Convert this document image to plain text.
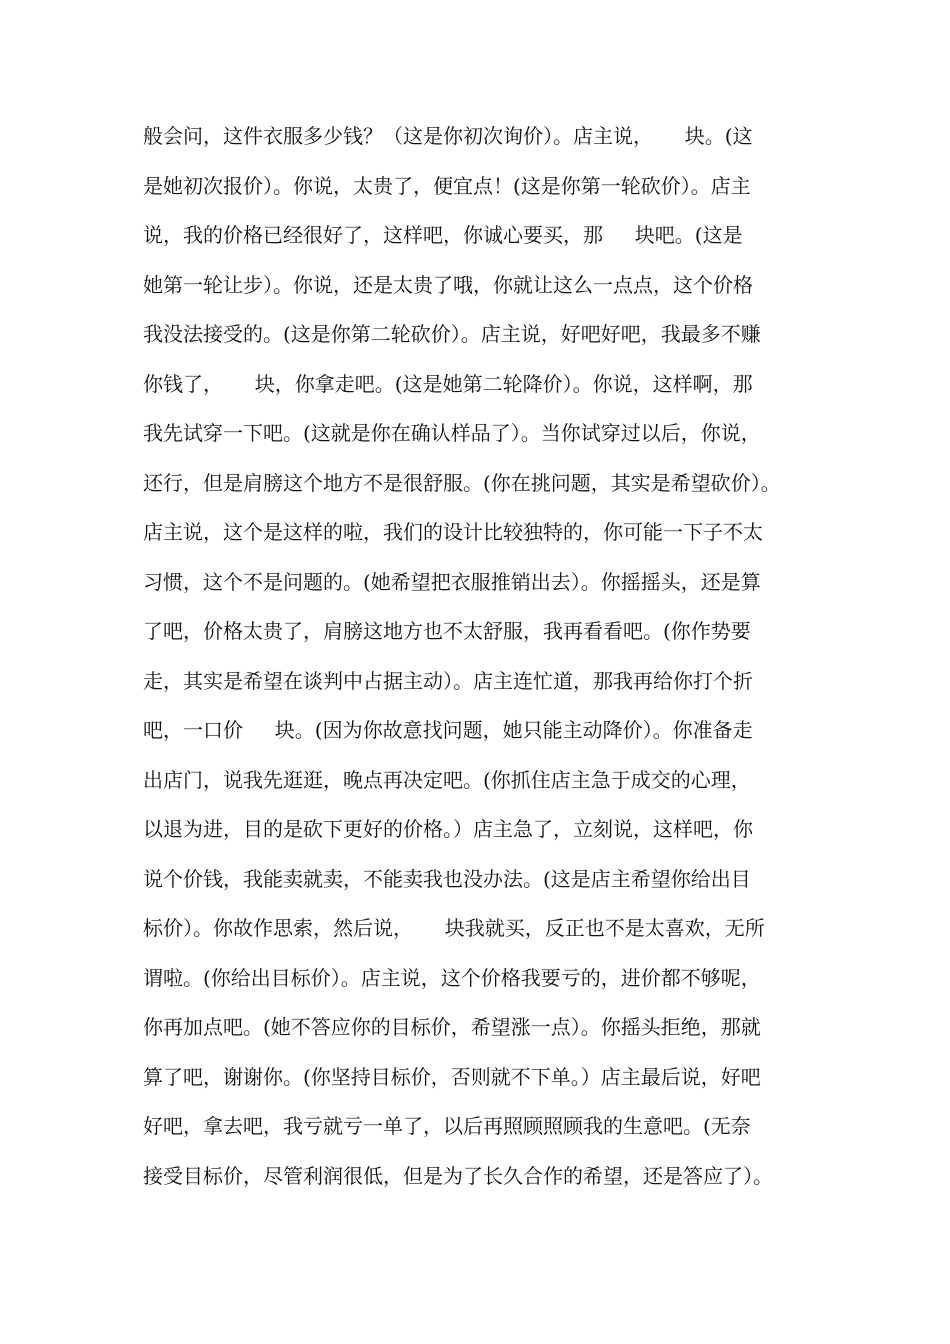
般会问，这件衣服多少钱？（这是你初次询价）。店主说，     块。(这
是她初次报价）。你说，太贵了，便宜点！(这是你第一轮砍价）。店主
说，我的价格已经很好了，这样吧，你诚心要买，那     块吧。(这是
她第一轮让步）。你说，还是太贵了哦，你就让这么一点点，这个价格
我没法接受的。(这是你第二轮砍价）。店主说，好吧好吧，我最多不赚
你钱了，     块，你拿走吧。(这是她第二轮降价）。你说，这样啊，那
我先试穿一下吧。(这就是你在确认样品了）。当你试穿过以后，你说，
还行，但是肩膀这个地方不是很舒服。(你在挑问题，其实是希望砍价）。
店主说，这个是这样的啦，我们的设计比较独特的，你可能一下子不太
习惯，这个不是问题的。(她希望把衣服推销出去）。你摇摇头，还是算
了吧，价格太贵了，肩膀这地方也不太舒服，我再看看吧。(你作势要
走，其实是希望在谈判中占据主动）。店主连忙道，那我再给你打个折
吧，一口价     块。(因为你故意找问题，她只能主动降价）。你准备走
出店门，说我先逛逛，晚点再决定吧。(你抓住店主急于成交的心理，
以退为进，目的是砍下更好的价格。）店主急了，立刻说，这样吧，你
说个价钱，我能卖就卖，不能卖我也没办法。(这是店主希望你给出目
标价）。你故作思索，然后说，     块我就买，反正也不是太喜欢，无所
谓啦。(你给出目标价）。店主说，这个价格我要亏的，进价都不够呢，
你再加点吧。(她不答应你的目标价，希望涨一点）。你摇头拒绝，那就
算了吧，谢谢你。(你坚持目标价，否则就不下单。）店主最后说，好吧
好吧，拿去吧，我亏就亏一单了，以后再照顾照顾我的生意吧。(无奈
接受目标价，尽管利润很低，但是为了长久合作的希望，还是答应了）。
